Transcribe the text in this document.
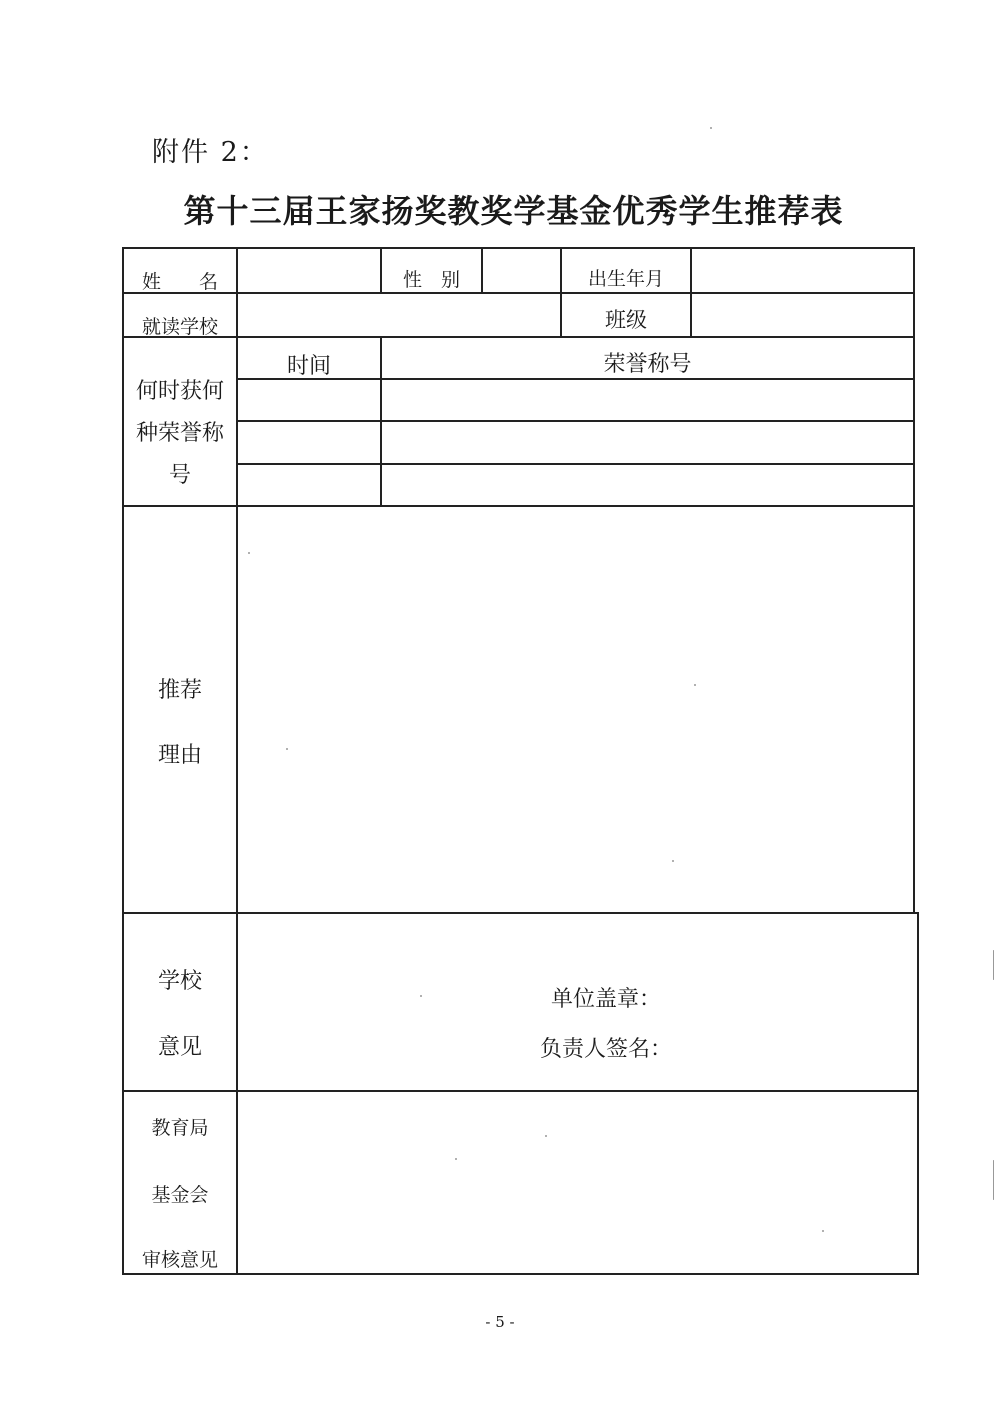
附件 2：
第十三届王家扬奖教奖学基金优秀学生推荐表
姓　　名	性　别	出生年月
就读学校	班级
何时获何
种荣誉称
号
时间	荣誉称号
推荐
理由
学校
意见
单位盖章：
负责人签名：
教育局
基金会
审核意见
- 5 -
